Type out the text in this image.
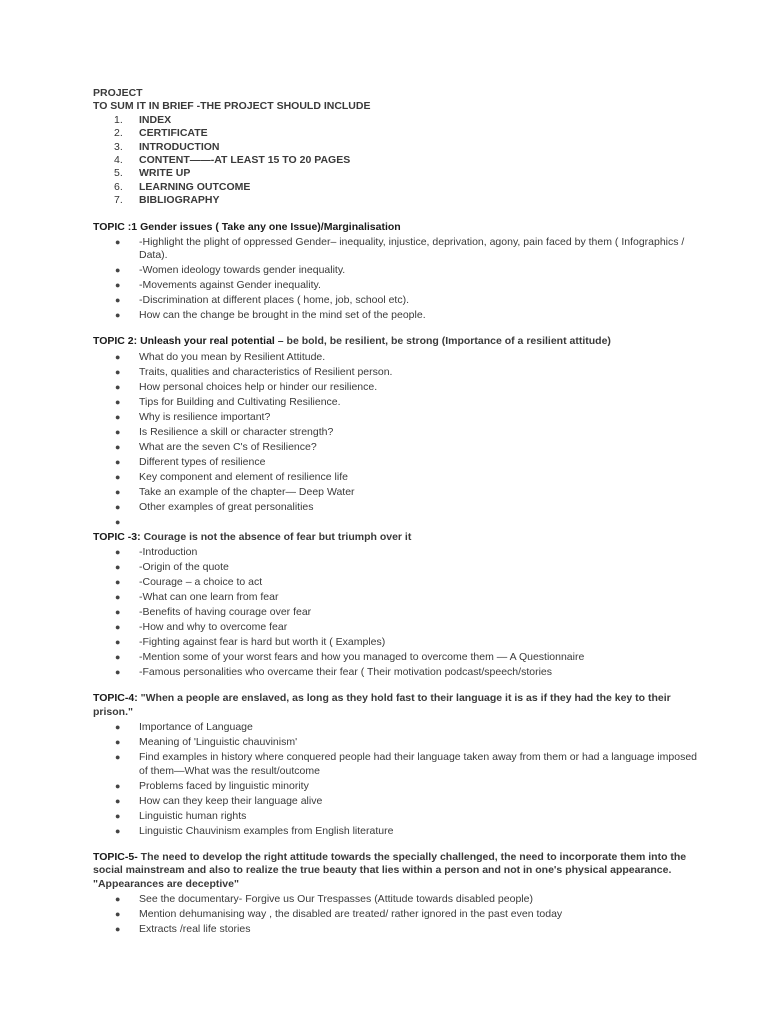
PROJECT
TO SUM IT IN BRIEF -THE PROJECT SHOULD INCLUDE
1.	INDEX
2.	CERTIFICATE
3.	INTRODUCTION
4.	CONTENT——-AT LEAST 15 TO 20 PAGES
5.	WRITE UP
6.	LEARNING OUTCOME
7.	BIBLIOGRAPHY
TOPIC :1 Gender issues ( Take any one Issue)/Marginalisation
● -Highlight the plight of oppressed Gender– inequality, injustice, deprivation, agony, pain faced by them ( Infographics / Data).
● -Women ideology towards gender inequality.
● -Movements against Gender inequality.
● -Discrimination at different places ( home, job, school etc).
● How can the change be brought in the mind set of the people.
TOPIC 2: Unleash your real potential – be bold, be resilient, be strong (Importance of a resilient attitude)
● What do you mean by Resilient Attitude.
● Traits, qualities and characteristics of Resilient person.
● How personal choices help or hinder our resilience.
● Tips for Building and Cultivating Resilience.
● Why is resilience important?
● Is Resilience a skill or character strength?
● What are the seven C's of Resilience?
● Different types of resilience
● Key component and element of resilience life
● Take an example of the chapter— Deep Water
● Other examples of great personalities
●

TOPIC -3: Courage is not the absence of fear but triumph over it
● -Introduction
● -Origin of the quote
● -Courage – a choice to act
● -What can one learn from fear
● -Benefits of having courage over fear
● -How and why to overcome fear
● -Fighting against fear is hard but worth it ( Examples)
● -Mention some of your worst fears and how you managed to overcome them — A Questionnaire
● -Famous personalities who overcame their fear ( Their motivation podcast/speech/stories
TOPIC-4: "When a people are enslaved, as long as they hold fast to their language it is as if they had the key to their prison."
● Importance of Language
● Meaning of 'Linguistic chauvinism'
● Find examples in history where conquered people had their language taken away from them or had a language imposed of them—What was the result/outcome
● Problems faced by linguistic minority
● How can they keep their language alive
● Linguistic human rights
● Linguistic Chauvinism examples from English literature
TOPIC-5- The need to develop the right attitude towards the specially challenged, the need to incorporate them into the social mainstream and also to realize the true beauty that lies within a person and not in one's physical appearance. "Appearances are deceptive"
● See the documentary- Forgive us Our Trespasses (Attitude towards disabled people)
● Mention dehumanising way , the disabled are treated/ rather ignored in the past even today
● Extracts /real life stories
